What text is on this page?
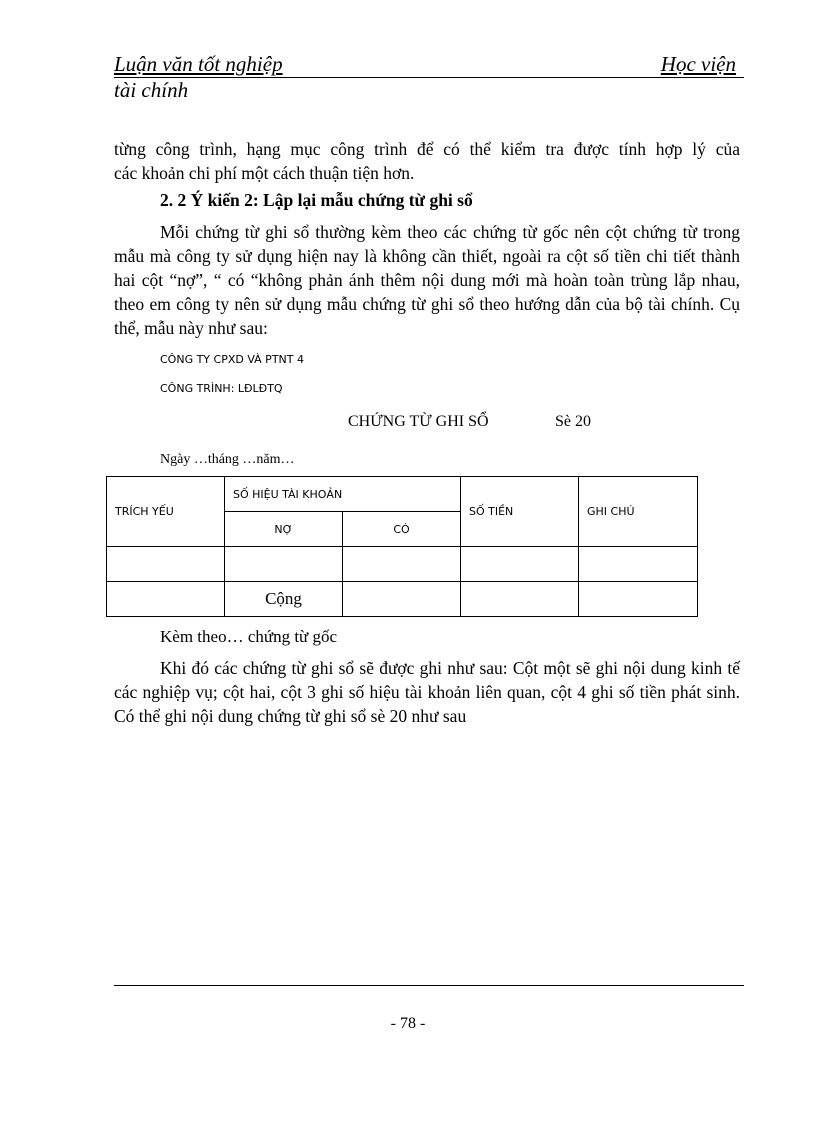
Luận văn tốt nghiệp	Học viện
tài chính
từng công trình, hạng mục công trình để có thể kiểm tra được tính hợp lý của
các khoản chi phí một cách thuận tiện hơn.
2. 2 Ý kiến 2: Lập lại mẫu chứng từ ghi sổ
Mỗi chứng từ ghi sổ thường kèm theo các chứng từ gốc nên cột chứng từ trong mẫu mà công ty sử dụng hiện nay là không cần thiết, ngoài ra cột số tiền chi tiết thành hai cột “nợ”, “ có “không phản ánh thêm nội dung mới mà hoàn toàn trùng lắp nhau, theo em công ty nên sử dụng mẫu chứng từ ghi sổ theo hướng dẫn của bộ tài chính. Cụ thể, mẫu này như sau:
CÔNG TY CPXD VÀ PTNT 4
CÔNG TRÌNH: LĐLĐTQ
CHỨNG TỪ GHI SỔ	Sè 20
Ngày …tháng …năm…
TRÍCH YẾU	SỐ HIỆU TÀI KHOẢN		SỐ TIỀN	GHI CHÚ
	NỢ	CÓ		

	Cộng			
Kèm theo… chứng từ gốc
Khi đó các chứng từ ghi sổ sẽ được ghi như sau: Cột một sẽ ghi nội dung kinh tế các nghiệp vụ; cột hai, cột 3 ghi số hiệu tài khoản liên quan, cột 4 ghi số tiền phát sinh. Có thể ghi nội dung chứng từ ghi sổ sè 20 như sau
- 78 -
